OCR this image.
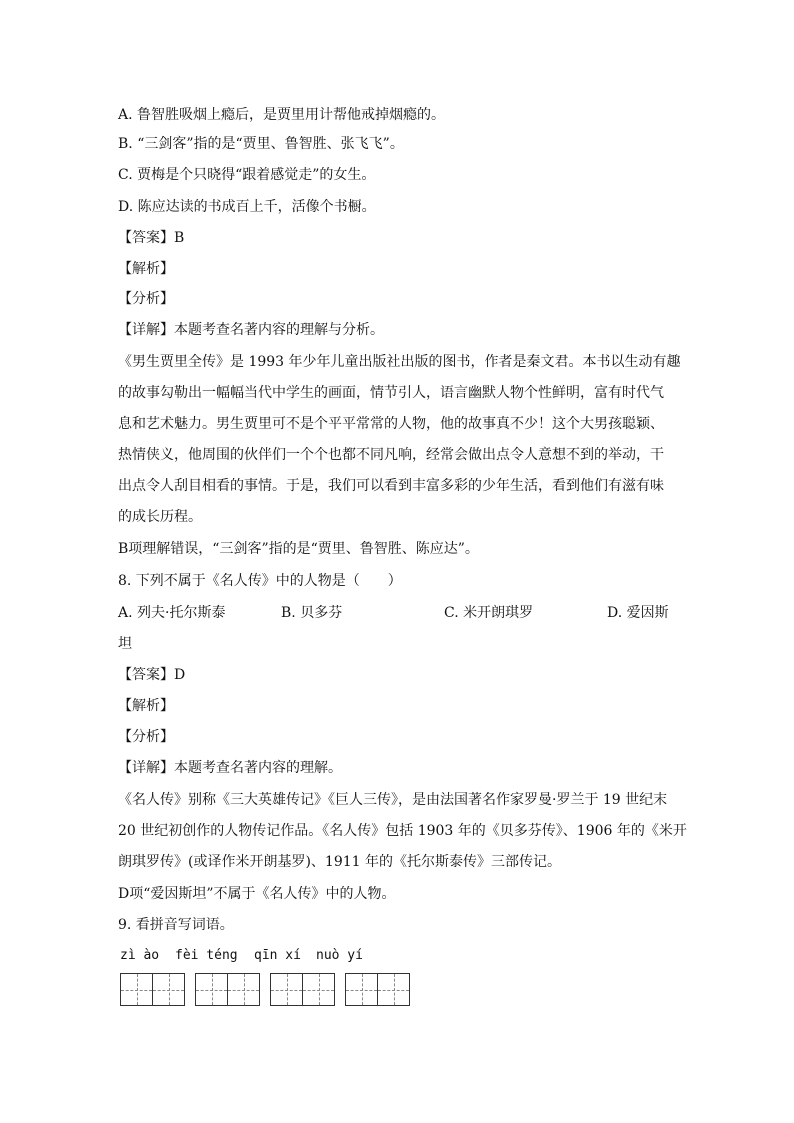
A. 鲁智胜吸烟上瘾后，是贾里用计帮他戒掉烟瘾的。
B. “三剑客”指的是“贾里、鲁智胜、张飞飞”。
C. 贾梅是个只晓得“跟着感觉走”的女生。
D. 陈应达读的书成百上千，活像个书橱。
【答案】B
【解析】
【分析】
【详解】本题考查名著内容的理解与分析。
《男生贾里全传》是 1993 年少年儿童出版社出版的图书，作者是秦文君。本书以生动有趣
的故事勾勒出一幅幅当代中学生的画面，情节引人，语言幽默人物个性鲜明，富有时代气
息和艺术魅力。男生贾里可不是个平平常常的人物，他的故事真不少！这个大男孩聪颖、
热情侠义，他周围的伙伴们一个个也都不同凡响，经常会做出点令人意想不到的举动，干
出点令人刮目相看的事情。于是，我们可以看到丰富多彩的少年生活，看到他们有滋有味
的成长历程。
B项理解错误，“三剑客”指的是“贾里、鲁智胜、陈应达”。
8. 下列不属于《名人传》中的人物是（　　）
A. 列夫·托尔斯泰	B. 贝多芬	C. 米开朗琪罗	D. 爱因斯
坦
【答案】D
【解析】
【分析】
【详解】本题考查名著内容的理解。
《名人传》别称《三大英雄传记》《巨人三传》，是由法国著名作家罗曼·罗兰于 19 世纪末
20 世纪初创作的人物传记作品。《名人传》包括 1903 年的《贝多芬传》、1906 年的《米开
朗琪罗传》(或译作米开朗基罗)、1911 年的《托尔斯泰传》三部传记。
D项“爱因斯坦”不属于《名人传》中的人物。
9. 看拼音写词语。
zì ào fèi téng qīn xí nuò yí
